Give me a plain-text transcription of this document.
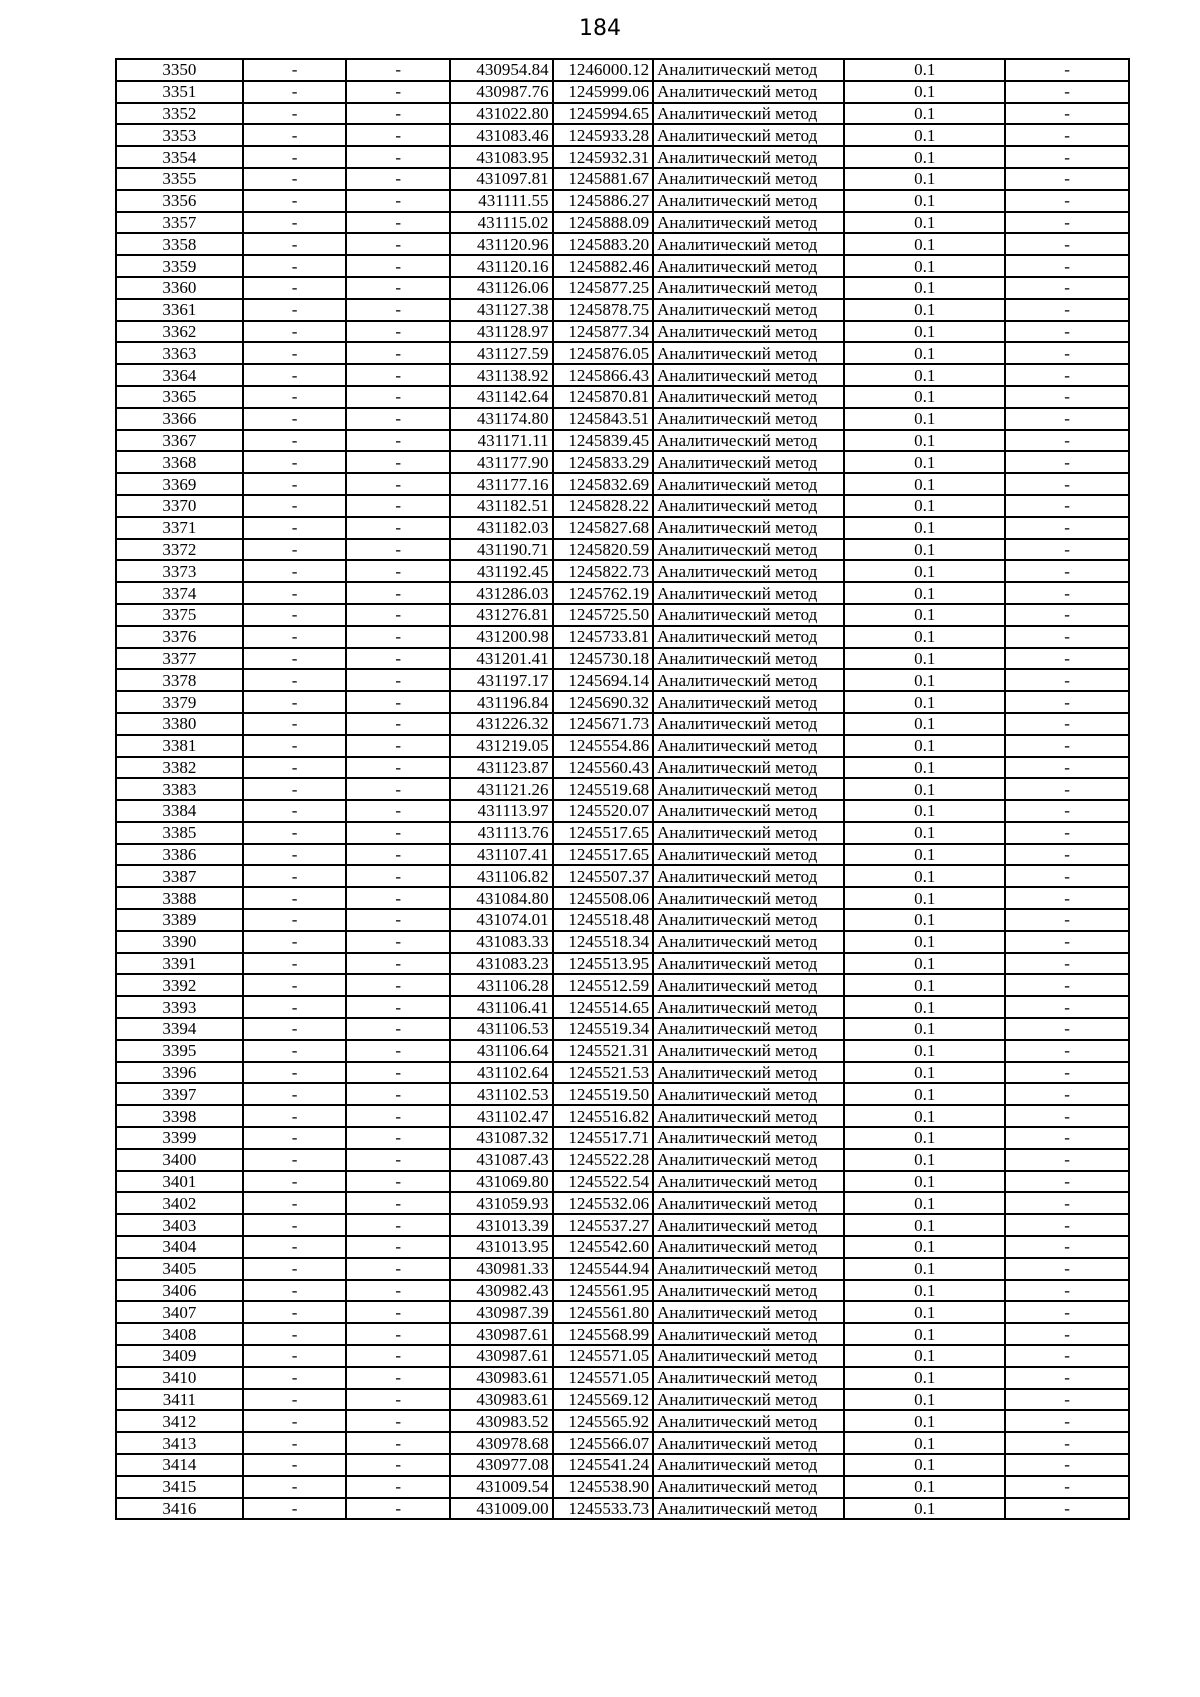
184
3350	-	-	430954.84	1246000.12	Аналитический метод	0.1	-
3351	-	-	430987.76	1245999.06	Аналитический метод	0.1	-
3352	-	-	431022.80	1245994.65	Аналитический метод	0.1	-
3353	-	-	431083.46	1245933.28	Аналитический метод	0.1	-
3354	-	-	431083.95	1245932.31	Аналитический метод	0.1	-
3355	-	-	431097.81	1245881.67	Аналитический метод	0.1	-
3356	-	-	431111.55	1245886.27	Аналитический метод	0.1	-
3357	-	-	431115.02	1245888.09	Аналитический метод	0.1	-
3358	-	-	431120.96	1245883.20	Аналитический метод	0.1	-
3359	-	-	431120.16	1245882.46	Аналитический метод	0.1	-
3360	-	-	431126.06	1245877.25	Аналитический метод	0.1	-
3361	-	-	431127.38	1245878.75	Аналитический метод	0.1	-
3362	-	-	431128.97	1245877.34	Аналитический метод	0.1	-
3363	-	-	431127.59	1245876.05	Аналитический метод	0.1	-
3364	-	-	431138.92	1245866.43	Аналитический метод	0.1	-
3365	-	-	431142.64	1245870.81	Аналитический метод	0.1	-
3366	-	-	431174.80	1245843.51	Аналитический метод	0.1	-
3367	-	-	431171.11	1245839.45	Аналитический метод	0.1	-
3368	-	-	431177.90	1245833.29	Аналитический метод	0.1	-
3369	-	-	431177.16	1245832.69	Аналитический метод	0.1	-
3370	-	-	431182.51	1245828.22	Аналитический метод	0.1	-
3371	-	-	431182.03	1245827.68	Аналитический метод	0.1	-
3372	-	-	431190.71	1245820.59	Аналитический метод	0.1	-
3373	-	-	431192.45	1245822.73	Аналитический метод	0.1	-
3374	-	-	431286.03	1245762.19	Аналитический метод	0.1	-
3375	-	-	431276.81	1245725.50	Аналитический метод	0.1	-
3376	-	-	431200.98	1245733.81	Аналитический метод	0.1	-
3377	-	-	431201.41	1245730.18	Аналитический метод	0.1	-
3378	-	-	431197.17	1245694.14	Аналитический метод	0.1	-
3379	-	-	431196.84	1245690.32	Аналитический метод	0.1	-
3380	-	-	431226.32	1245671.73	Аналитический метод	0.1	-
3381	-	-	431219.05	1245554.86	Аналитический метод	0.1	-
3382	-	-	431123.87	1245560.43	Аналитический метод	0.1	-
3383	-	-	431121.26	1245519.68	Аналитический метод	0.1	-
3384	-	-	431113.97	1245520.07	Аналитический метод	0.1	-
3385	-	-	431113.76	1245517.65	Аналитический метод	0.1	-
3386	-	-	431107.41	1245517.65	Аналитический метод	0.1	-
3387	-	-	431106.82	1245507.37	Аналитический метод	0.1	-
3388	-	-	431084.80	1245508.06	Аналитический метод	0.1	-
3389	-	-	431074.01	1245518.48	Аналитический метод	0.1	-
3390	-	-	431083.33	1245518.34	Аналитический метод	0.1	-
3391	-	-	431083.23	1245513.95	Аналитический метод	0.1	-
3392	-	-	431106.28	1245512.59	Аналитический метод	0.1	-
3393	-	-	431106.41	1245514.65	Аналитический метод	0.1	-
3394	-	-	431106.53	1245519.34	Аналитический метод	0.1	-
3395	-	-	431106.64	1245521.31	Аналитический метод	0.1	-
3396	-	-	431102.64	1245521.53	Аналитический метод	0.1	-
3397	-	-	431102.53	1245519.50	Аналитический метод	0.1	-
3398	-	-	431102.47	1245516.82	Аналитический метод	0.1	-
3399	-	-	431087.32	1245517.71	Аналитический метод	0.1	-
3400	-	-	431087.43	1245522.28	Аналитический метод	0.1	-
3401	-	-	431069.80	1245522.54	Аналитический метод	0.1	-
3402	-	-	431059.93	1245532.06	Аналитический метод	0.1	-
3403	-	-	431013.39	1245537.27	Аналитический метод	0.1	-
3404	-	-	431013.95	1245542.60	Аналитический метод	0.1	-
3405	-	-	430981.33	1245544.94	Аналитический метод	0.1	-
3406	-	-	430982.43	1245561.95	Аналитический метод	0.1	-
3407	-	-	430987.39	1245561.80	Аналитический метод	0.1	-
3408	-	-	430987.61	1245568.99	Аналитический метод	0.1	-
3409	-	-	430987.61	1245571.05	Аналитический метод	0.1	-
3410	-	-	430983.61	1245571.05	Аналитический метод	0.1	-
3411	-	-	430983.61	1245569.12	Аналитический метод	0.1	-
3412	-	-	430983.52	1245565.92	Аналитический метод	0.1	-
3413	-	-	430978.68	1245566.07	Аналитический метод	0.1	-
3414	-	-	430977.08	1245541.24	Аналитический метод	0.1	-
3415	-	-	431009.54	1245538.90	Аналитический метод	0.1	-
3416	-	-	431009.00	1245533.73	Аналитический метод	0.1	-
